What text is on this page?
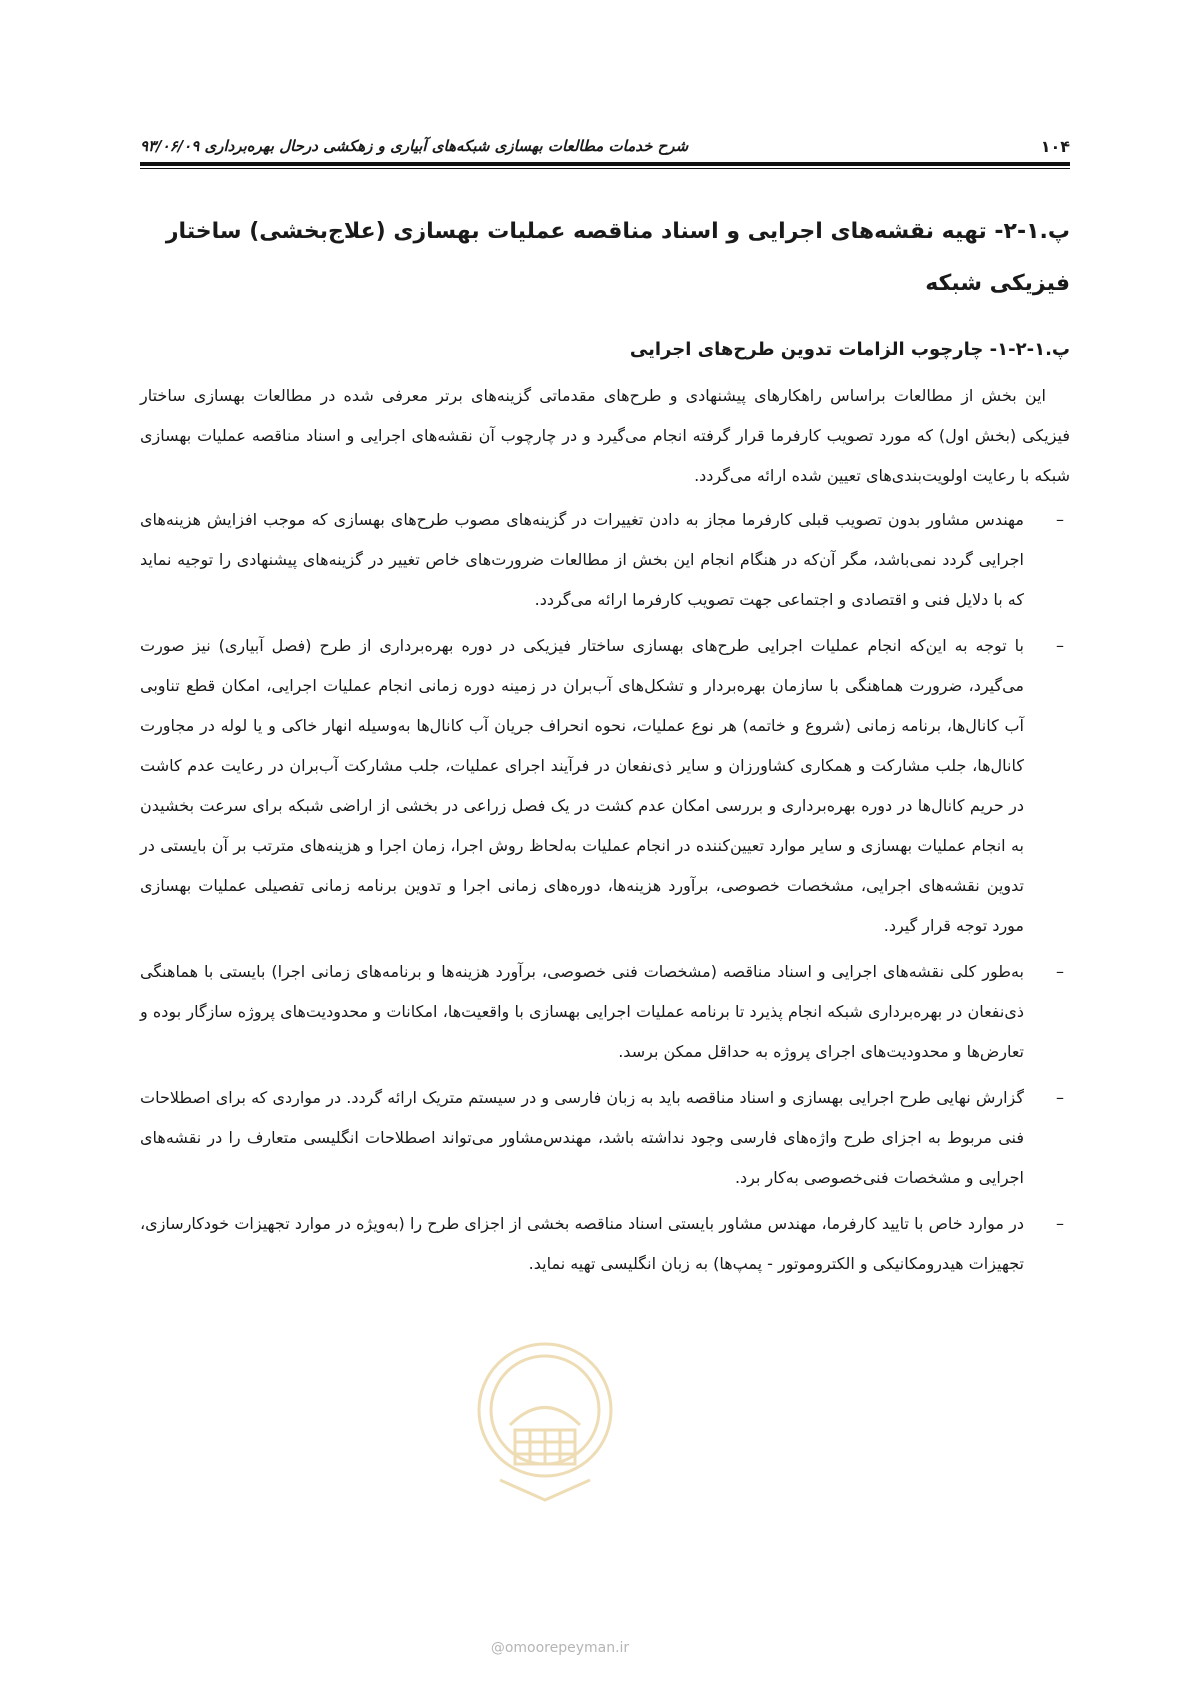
۱۰۴
شرح خدمات مطالعات بهسازی شبکه‌های آبیاری و زهکشی درحال بهره‌برداری ۹۳/۰۶/۰۹
پ.۱-۲- تهیه نقشه‌های اجرایی و اسناد مناقصه عملیات بهسازی (علاج‌بخشی) ساختار فیزیکی شبکه
پ.۱-۲-۱- چارچوب الزامات تدوین طرح‌های اجرایی

این بخش از مطالعات براساس راهکارهای پیشنهادی و طرح‌های مقدماتی گزینه‌های برتر معرفی شده در مطالعات بهسازی ساختار فیزیکی (بخش اول) که مورد تصویب کارفرما قرار گرفته انجام می‌گیرد و در چارچوب آن نقشه‌های اجرایی و اسناد مناقصه عملیات بهسازی شبکه با رعایت اولویت‌بندی‌های تعیین شده ارائه می‌گردد.

–
مهندس مشاور بدون تصویب قبلی کارفرما مجاز به دادن تغییرات در گزینه‌های مصوب طرح‌های بهسازی که موجب افزایش هزینه‌های اجرایی گردد نمی‌باشد، مگر آن‌که در هنگام انجام این بخش از مطالعات ضرورت‌های خاص تغییر در گزینه‌های پیشنهادی را توجیه نماید که با دلایل فنی و اقتصادی و اجتماعی جهت تصویب کارفرما ارائه می‌گردد.
–
با توجه به این‌که انجام عملیات اجرایی طرح‌های بهسازی ساختار فیزیکی در دوره بهره‌برداری از طرح (فصل آبیاری) نیز صورت می‌گیرد، ضرورت هماهنگی با سازمان بهره‌بردار و تشکل‌های آب‌بران در زمینه دوره زمانی انجام عملیات اجرایی، امکان قطع تناوبی آب کانال‌ها، برنامه زمانی (شروع و خاتمه) هر نوع عملیات، نحوه انحراف جریان آب کانال‌ها به‌وسیله انهار خاکی و یا لوله در مجاورت کانال‌ها، جلب مشارکت و همکاری کشاورزان و سایر ذی‌نفعان در فرآیند اجرای عملیات، جلب مشارکت آب‌بران در رعایت عدم کاشت در حریم کانال‌ها در دوره بهره‌برداری و بررسی امکان عدم کشت در یک فصل زراعی در بخشی از اراضی شبکه برای سرعت بخشیدن به انجام عملیات بهسازی و سایر موارد تعیین‌کننده در انجام عملیات به‌لحاظ روش اجرا، زمان اجرا و هزینه‌های مترتب بر آن بایستی در تدوین نقشه‌های اجرایی، مشخصات خصوصی، برآورد هزینه‌ها، دوره‌های زمانی اجرا و تدوین برنامه زمانی تفصیلی عملیات بهسازی مورد توجه قرار گیرد.
–
به‌طور کلی نقشه‌های اجرایی و اسناد مناقصه (مشخصات فنی خصوصی، برآورد هزینه‌ها و برنامه‌های زمانی اجرا) بایستی با هماهنگی ذی‌نفعان در بهره‌برداری شبکه انجام پذیرد تا برنامه عملیات اجرایی بهسازی با واقعیت‌ها، امکانات و محدودیت‌های پروژه سازگار بوده و تعارض‌ها و محدودیت‌های اجرای پروژه به حداقل ممکن برسد.
–
گزارش نهایی طرح اجرایی بهسازی و اسناد مناقصه باید به زبان فارسی و در سیستم متریک ارائه گردد. در مواردی که برای اصطلاحات فنی مربوط به اجزای طرح واژه‌های فارسی وجود نداشته باشد، مهندس‌مشاور می‌تواند اصطلاحات انگلیسی متعارف را در نقشه‌های اجرایی و مشخصات فنی‌خصوصی به‌کار برد.
–
در موارد خاص با تایید کارفرما، مهندس مشاور بایستی اسناد مناقصه بخشی از اجزای طرح را (به‌ویژه در موارد تجهیزات خودکارسازی، تجهیزات هیدرومکانیکی و الکتروموتور - پمپ‌ها) به زبان انگلیسی تهیه نماید.
@omoorepeyman.ir
